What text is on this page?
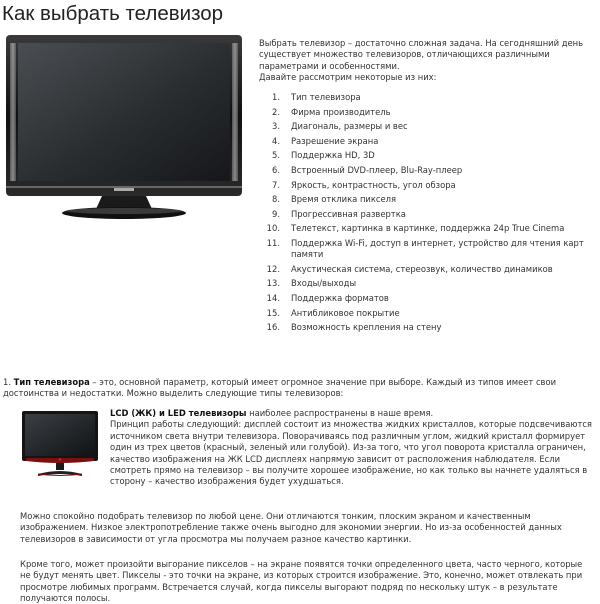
Как выбрать телевизор

Выбрать телевизор – достаточно сложная задача. На сегодняшний день существует множество телевизоров, отличающихся различными параметрами и особенностями.

Давайте рассмотрим некоторые из них:

1. Тип телевизора
2. Фирма производитель
3. Диагональ, размеры и вес
4. Разрешение экрана
5. Поддержка HD, 3D
6. Встроенный DVD-плеер, Blu-Ray-плеер
7. Яркость, контрастность, угол обзора
8. Время отклика пикселя
9. Прогрессивная развертка
10. Телетекст, картинка в картинке, поддержка 24p True Cinema
11. Поддержка Wi-Fi, доступ в интернет, устройство для чтения карт памяти
12. Акустическая система, стереозвук, количество динамиков
13. Входы/выходы
14. Поддержка форматов
15. Антибликовое покрытие
16. Возможность крепления на стену

1. Тип телевизора – это, основной параметр, который имеет огромное значение при выборе. Каждый из типов имеет свои достоинства и недостатки. Можно выделить следующие типы телевизоров:

LCD (ЖК) и LED телевизоры наиболее распространены в наше время.

Принцип работы следующий: дисплей состоит из множества жидких кристаллов, которые подсвечиваются источником света внутри телевизора. Поворачиваясь под различным углом, жидкий кристалл формирует один из трех цветов (красный, зеленый или голубой). Из-за того, что угол поворота кристалла ограничен, качество изображения на ЖК LCD дисплеях напрямую зависит от расположения наблюдателя. Если смотреть прямо на телевизор – вы получите хорошее изображение, но как только вы начнете удаляться в сторону – качество изображения будет ухудшаться.

Можно спокойно подобрать телевизор по любой цене. Они отличаются тонким, плоским экраном и качественным изображением. Низкое электропотребление также очень выгодно для экономии энергии. Но из-за особенностей данных телевизоров в зависимости от угла просмотра мы получаем разное качество картинки.

Кроме того, может произойти выгорание пикселов – на экране появятся точки определенного цвета, часто черного, которые не будут менять цвет. Пикселы - это точки на экране, из которых строится изображение. Это, конечно, может отвлекать при просмотре любимых программ. Встречается случай, когда пикселы выгорают подряд по нескольку штук – в результате получаются полосы.
